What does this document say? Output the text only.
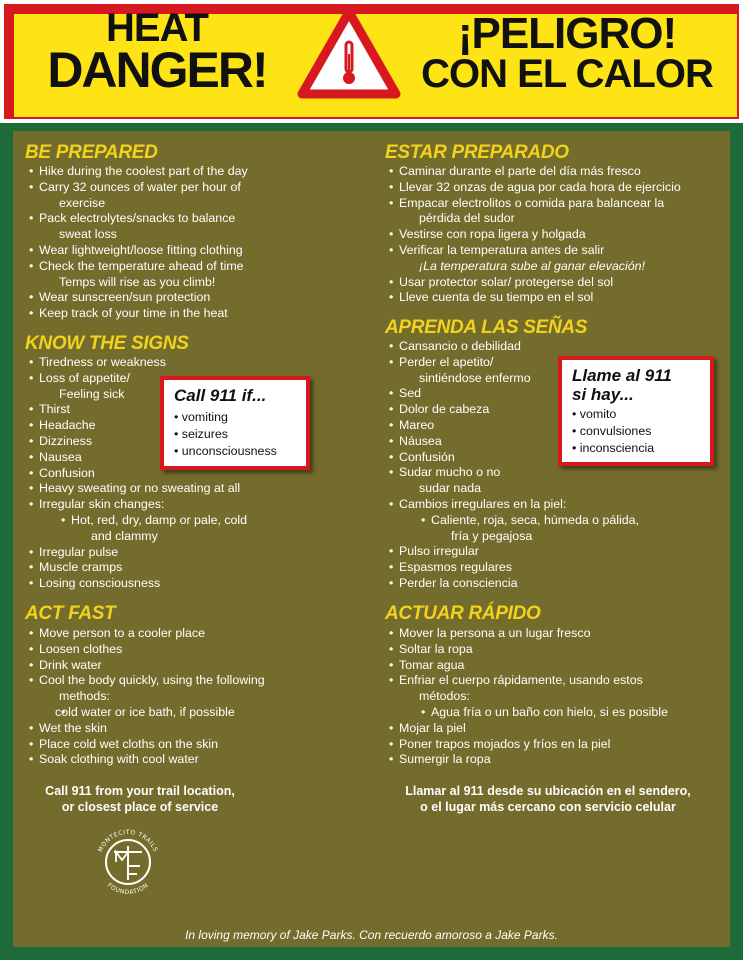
HEAT
DANGER!
¡PELIGRO!
CON EL CALOR
BE PREPARED
• Hike during the coolest part of the day
• Carry 32 ounces of water per hour of
exercise
• Pack electrolytes/snacks to balance
sweat loss
• Wear lightweight/loose fitting clothing
• Check the temperature ahead of time
Temps will rise as you climb!
• Wear sunscreen/sun protection
• Keep track of your time in the heat
KNOW THE SIGNS
• Tiredness or weakness
• Loss of appetite/
Feeling sick
• Thirst
• Headache
• Dizziness
• Nausea
• Confusion
• Heavy sweating or no sweating at all
• Irregular skin changes:
• Hot, red, dry, damp or pale, cold
and clammy
• Irregular pulse
• Muscle cramps
• Losing consciousness
Call 911 if...
• vomiting
• seizures
• unconsciousness
ACT FAST
• Move person to a cooler place
• Loosen clothes
• Drink water
• Cool the body quickly, using the following
methods:
• cold water or ice bath, if possible
• Wet the skin
• Place cold wet cloths on the skin
• Soak clothing with cool water
Call 911 from your trail location,
or closest place of service
ESTAR PREPARADO
• Caminar durante el parte del día más fresco
• Llevar 32 onzas de agua por cada hora de ejercicio
• Empacar electrolitos o comida para balancear la
pérdida del sudor
• Vestirse con ropa ligera y holgada
• Verificar la temperatura antes de salir
¡La temperatura sube al ganar elevación!
• Usar protector solar/ protegerse del sol
• Lleve cuenta de su tiempo en el sol
APRENDA LAS SEÑAS
• Cansancio o debilidad
• Perder el apetito/
sintiéndose enfermo
• Sed
• Dolor de cabeza
• Mareo
• Náusea
• Confusión
• Sudar mucho o no
sudar nada
• Cambios irregulares en la piel:
• Caliente, roja, seca, húmeda o pálida,
fría y pegajosa
• Pulso irregular
• Espasmos regulares
• Perder la consciencia
Llame al 911
si hay...
• vomito
• convulsiones
• inconsciencia
ACTUAR RÁPIDO
• Mover la persona a un lugar fresco
• Soltar la ropa
• Tomar agua
• Enfriar el cuerpo rápidamente, usando estos
métodos:
• Agua fría o un baño con hielo, si es posible
• Mojar la piel
• Poner trapos mojados y fríos en la piel
• Sumergir la ropa
Llamar al 911 desde su ubicación en el sendero,
o el lugar más cercano con servicio celular
MONTECITO TRAILS
FOUNDATION
In loving memory of Jake Parks. Con recuerdo amoroso a Jake Parks.
